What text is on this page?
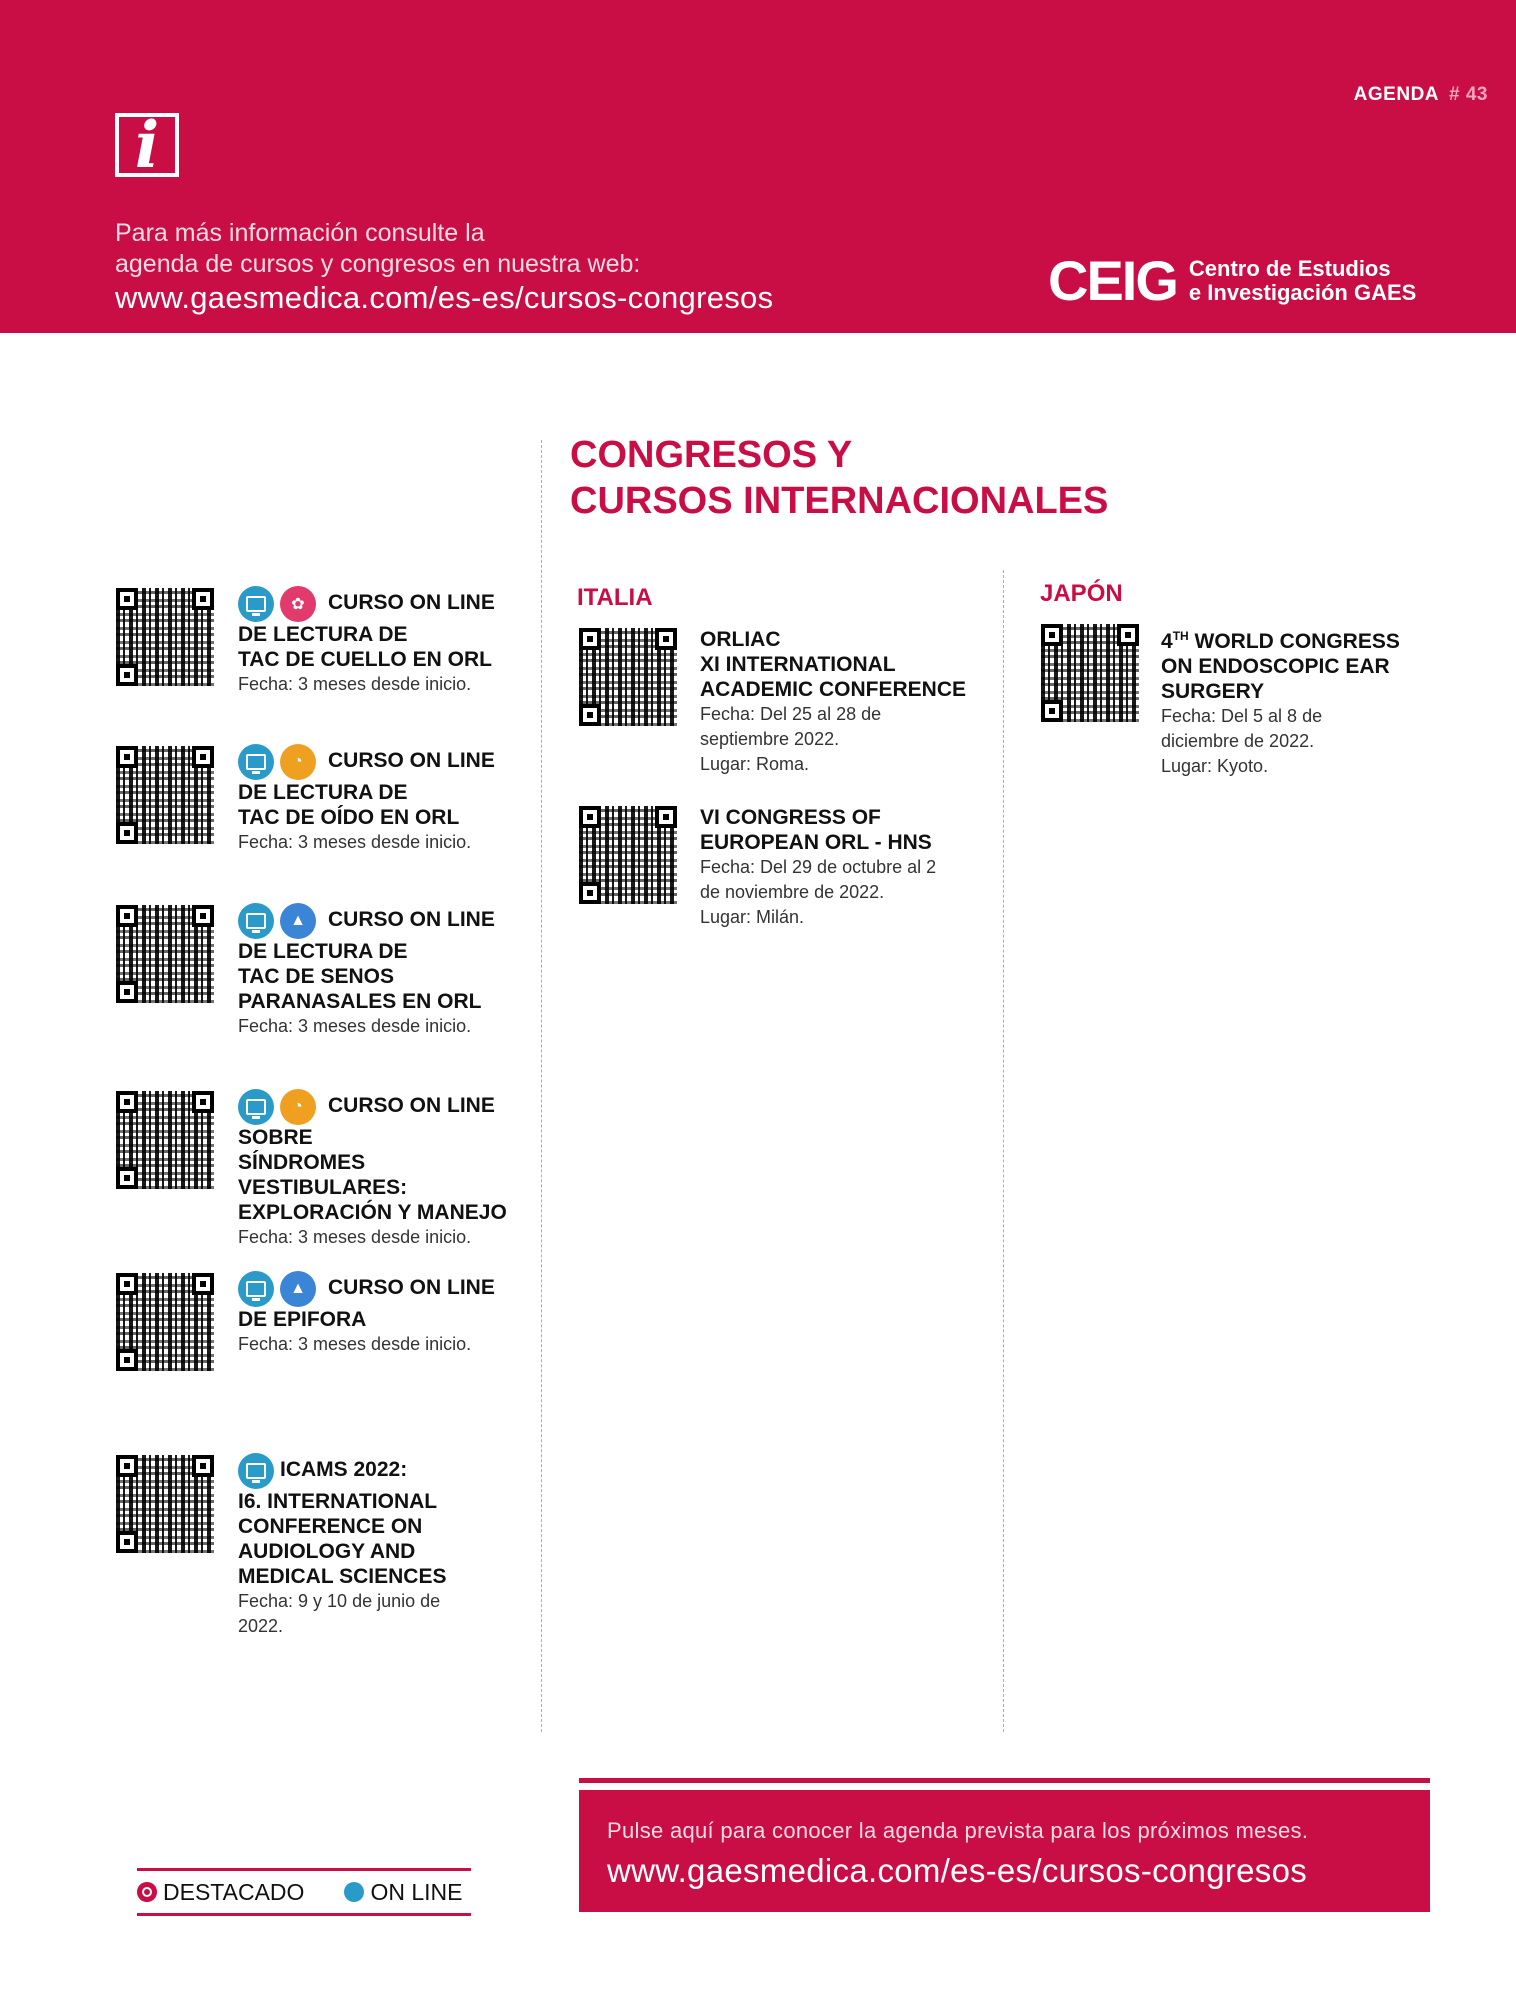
AGENDA # 43
i
Para más información consulte la
agenda de cursos y congresos en nuestra web:
www.gaesmedica.com/es-es/cursos-congresos	CEIG Centro de Estudios
e Investigación GAES
CONGRESOS Y
CURSOS INTERNACIONALES
✿	CURSO ON LINE

DE LECTURA DE

TAC DE CUELLO EN ORL

Fecha: 3 meses desde inicio.

◔	CURSO ON LINE

DE LECTURA DE

TAC DE OÍDO EN ORL

Fecha: 3 meses desde inicio.

▲	CURSO ON LINE

DE LECTURA DE

TAC DE SENOS

PARANASALES EN ORL

Fecha: 3 meses desde inicio.

◔	CURSO ON LINE

SOBRE

SÍNDROMES VESTIBULARES:

EXPLORACIÓN Y MANEJO

Fecha: 3 meses desde inicio.

▲	CURSO ON LINE

DE EPIFORA

Fecha: 3 meses desde inicio.

ICAMS 2022:

I6. INTERNATIONAL

CONFERENCE ON

AUDIOLOGY AND

MEDICAL SCIENCES

Fecha: 9 y 10 de junio de

2022.

ITALIA

ORLIAC

XI INTERNATIONAL

ACADEMIC CONFERENCE

Fecha: Del 25 al 28 de

septiembre 2022.

Lugar: Roma.

VI CONGRESS OF

EUROPEAN ORL - HNS

Fecha: Del 29 de octubre al 2

de noviembre de 2022.

Lugar: Milán.

JAPÓN

4TH WORLD CONGRESS

ON ENDOSCOPIC EAR

SURGERY

Fecha: Del 5 al 8 de

diciembre de 2022.

Lugar: Kyoto.

DESTACADO	ON LINE
Pulse aquí para conocer la agenda prevista para los próximos meses.
www.gaesmedica.com/es-es/cursos-congresos
